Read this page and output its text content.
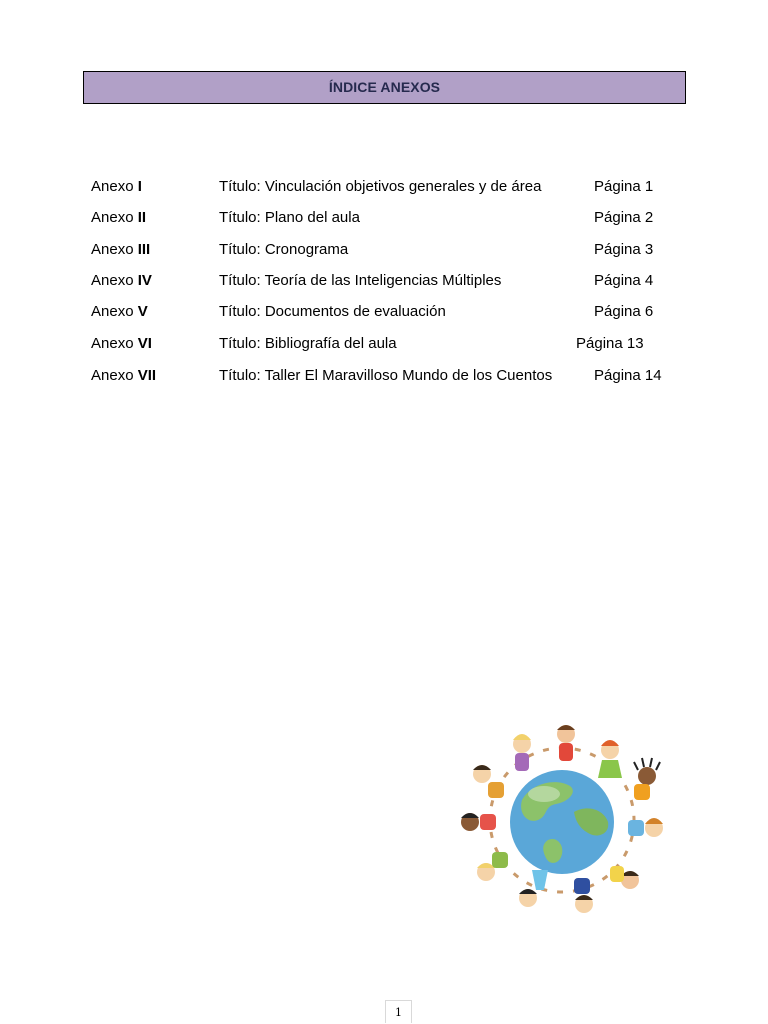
ÍNDICE ANEXOS
Anexo I	Título: Vinculación objetivos generales y de área	Página 1
Anexo II	Título: Plano del aula	Página 2
Anexo III	Título: Cronograma	Página 3
Anexo IV	Título: Teoría de las Inteligencias Múltiples	Página 4
Anexo V	Título: Documentos de evaluación	Página 6
Anexo VI	Título: Bibliografía del aula	Página 13
Anexo VII	Título: Taller El Maravilloso Mundo de los Cuentos	Página 14
1
